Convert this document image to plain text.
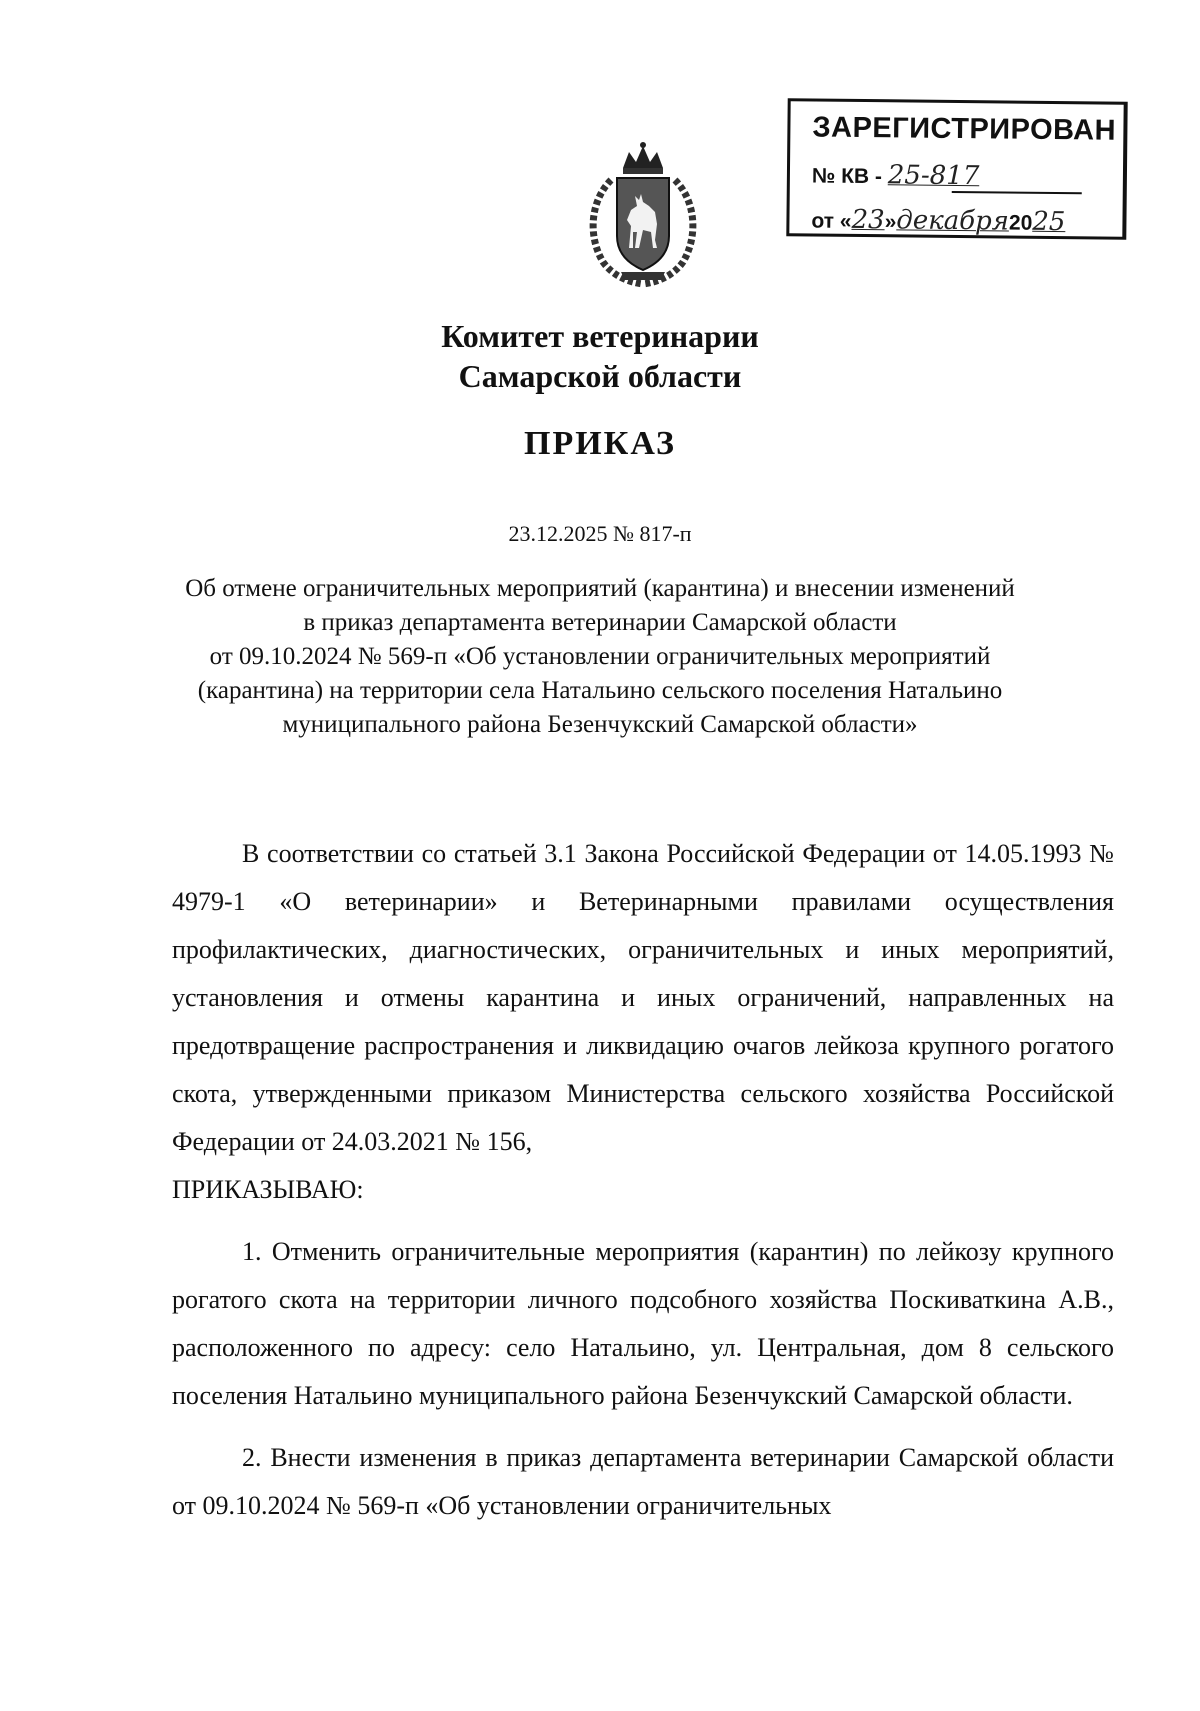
ЗАРЕГИСТРИРОВАН
№ КВ - 25-817
от «23»декабря2025
Комитет ветеринарии
Самарской области
ПРИКАЗ
23.12.2025 № 817-п
Об отмене ограничительных мероприятий (карантина) и внесении изменений
в приказ департамента ветеринарии Самарской области
от 09.10.2024 № 569-п «Об установлении ограничительных мероприятий
(карантина) на территории села Натальино сельского поселения Натальино
муниципального района Безенчукский Самарской области»

В соответствии со статьей 3.1 Закона Российской Федерации от 14.05.1993 № 4979-1 «О ветеринарии» и Ветеринарными правилами осуществления профилактических, диагностических, ограничительных и иных мероприятий, установления и отмены карантина и иных ограничений, направленных на предотвращение распространения и ликвидацию очагов лейкоза крупного рогатого скота, утвержденными приказом Министерства сельского хозяйства Российской Федерации от 24.03.2021 № 156,

ПРИКАЗЫВАЮ:

1. Отменить ограничительные мероприятия (карантин) по лейкозу крупного рогатого скота на территории личного подсобного хозяйства Поскиваткина А.В., расположенного по адресу: село Натальино, ул. Центральная, дом 8 сельского поселения Натальино муниципального района Безенчукский Самарской области.

2. Внести изменения в приказ департамента ветеринарии Самарской области от 09.10.2024 № 569-п «Об установлении ограничительных
